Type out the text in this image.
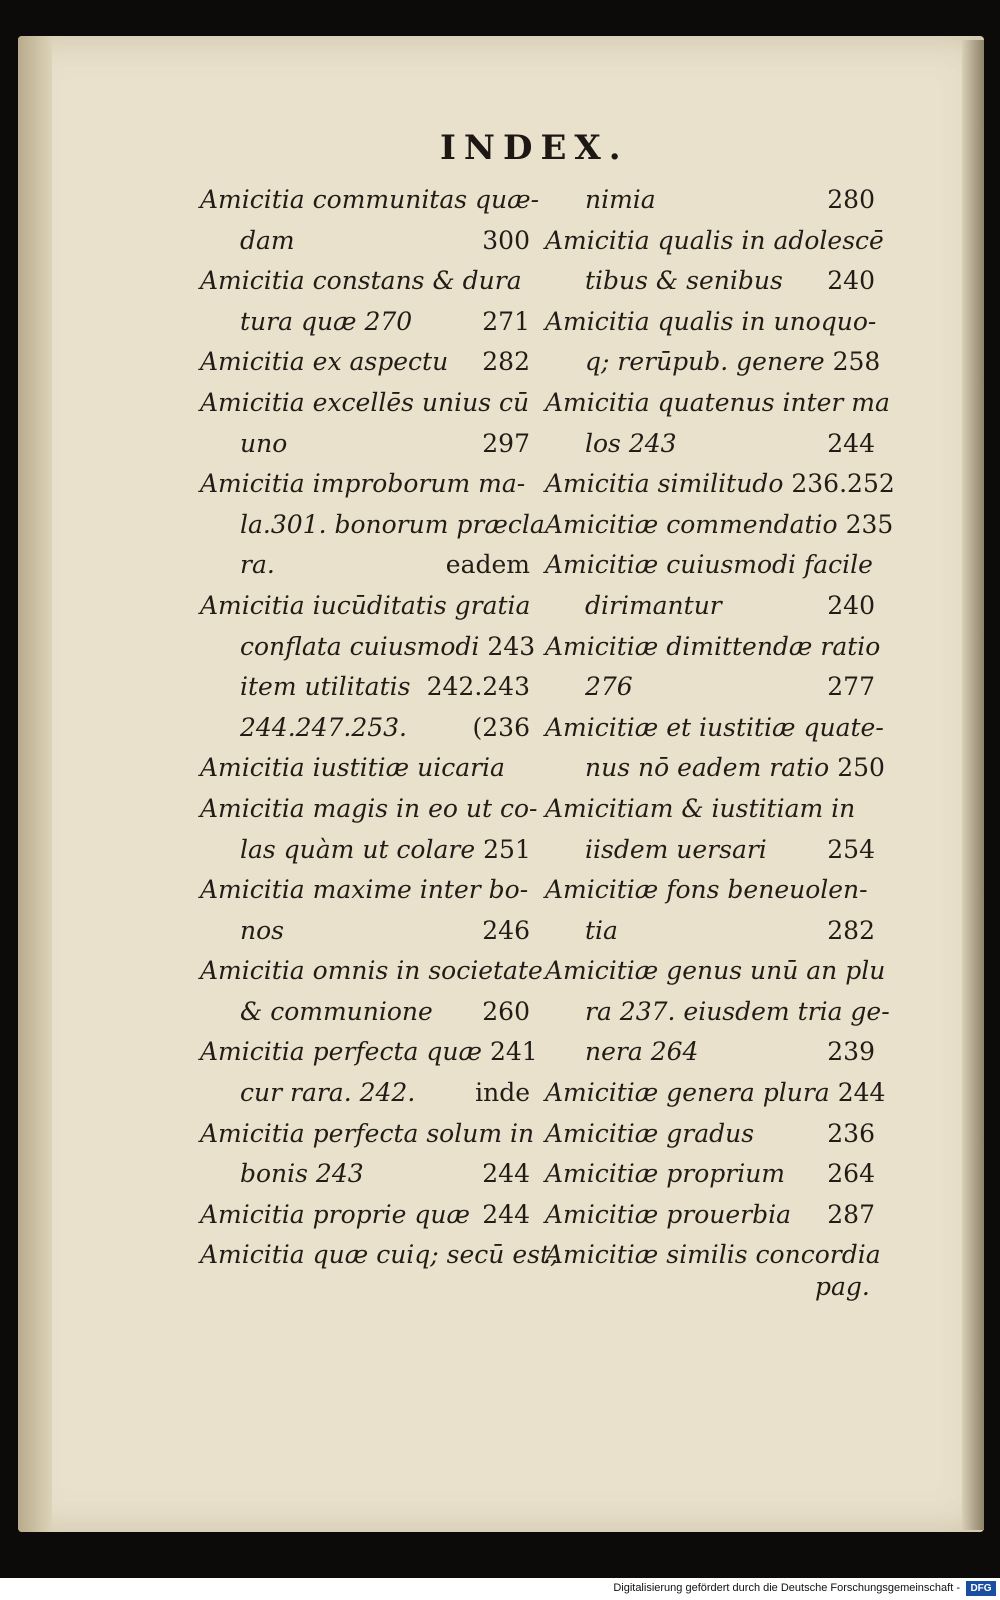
INDEX.
Amicitia communitas quæ-
dam	300
Amicitia constans & dura
tura quæ 270	271
Amicitia ex aspectu	282
Amicitia excellēs unius cū
uno	297
Amicitia improborum ma-
la.301. bonorum præcla
ra.	eadem
Amicitia iucūditatis gratia
conflata cuiusmodi 243
item utilitatis 242.243
244.247.253.	(236
Amicitia iustitiæ uicaria
Amicitia magis in eo ut co-
las quàm ut colare 251
Amicitia maxime inter bo-
nos	246
Amicitia omnis in societate
& communione	260
Amicitia perfecta quæ 241
cur rara. 242.	inde
Amicitia perfecta solum in
bonis 243	244
Amicitia proprie quæ 244
Amicitia quæ cuiq; secū est,
nimia	280
Amicitia qualis in adolescē
tibus & senibus	240
Amicitia qualis in unoquo-
q; rerūpub. genere 258
Amicitia quatenus inter ma
los 243	244
Amicitia similitudo 236.252
Amicitiæ commendatio 235
Amicitiæ cuiusmodi facile
dirimantur	240
Amicitiæ dimittendæ ratio
276	277
Amicitiæ et iustitiæ quate-
nus nō eadem ratio 250
Amicitiam & iustitiam in
iisdem uersari	254
Amicitiæ fons beneuolen-
tia	282
Amicitiæ genus unū an plu
ra 237. eiusdem tria ge-
nera 264	239
Amicitiæ genera plura 244
Amicitiæ gradus	236
Amicitiæ proprium	264
Amicitiæ prouerbia	287
Amicitiæ similis concordia
pag.
Digitalisierung gefördert durch die Deutsche Forschungsgemeinschaft -	DFG
